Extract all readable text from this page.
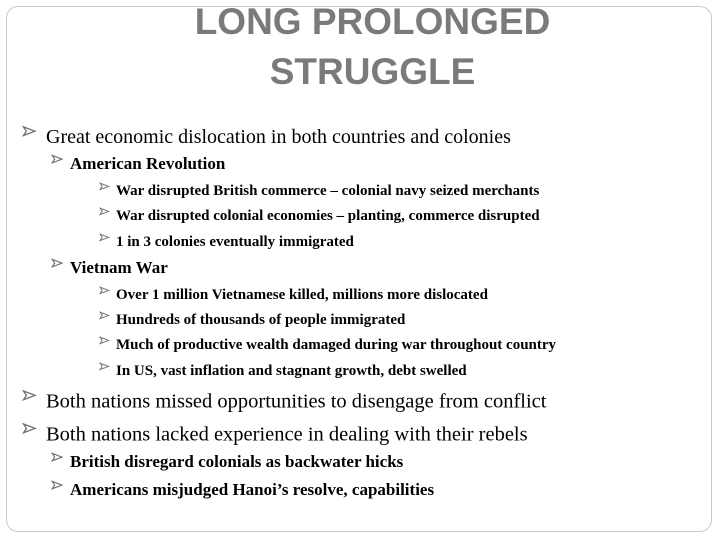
LONG PROLONGED
STRUGGLE
Great economic dislocation in both countries and colonies
American Revolution
War disrupted British commerce – colonial navy seized merchants
War disrupted colonial economies – planting, commerce disrupted
1 in 3 colonies eventually immigrated
Vietnam War
Over 1 million Vietnamese killed, millions more dislocated
Hundreds of thousands of people immigrated
Much of productive wealth damaged during war throughout country
In US, vast inflation and stagnant growth, debt swelled
Both nations missed opportunities to disengage from conflict
Both nations lacked experience in dealing with their rebels
British disregard colonials as backwater hicks
Americans misjudged Hanoi’s resolve, capabilities
